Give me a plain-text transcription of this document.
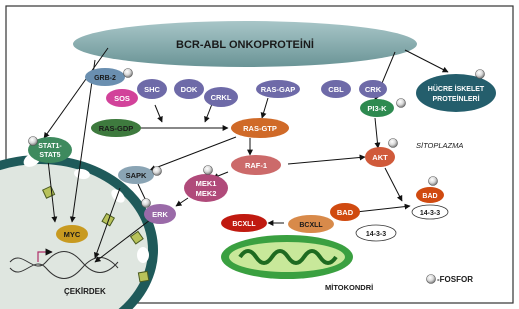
ÇEKİRDEK	MİTOKONDRİ
BCR-ABL ONKOPROTEİNİ
GRB-2
SOS
SHC	DOK
CRKL
RAS-GAP	CBL	CRK
PI3-K
HÜCRE İSKELET
PROTEİNLERİ
RAS-GDP	RAS-GTP
SİTOPLAZMA
STAT1-
STAT5
SAPK
RAF-1
AKT
MEK1
MEK2
ERK
MYC
BCXLL	BCXLL
BAD
14-3-3
BAD
14-3-3
-FOSFOR
